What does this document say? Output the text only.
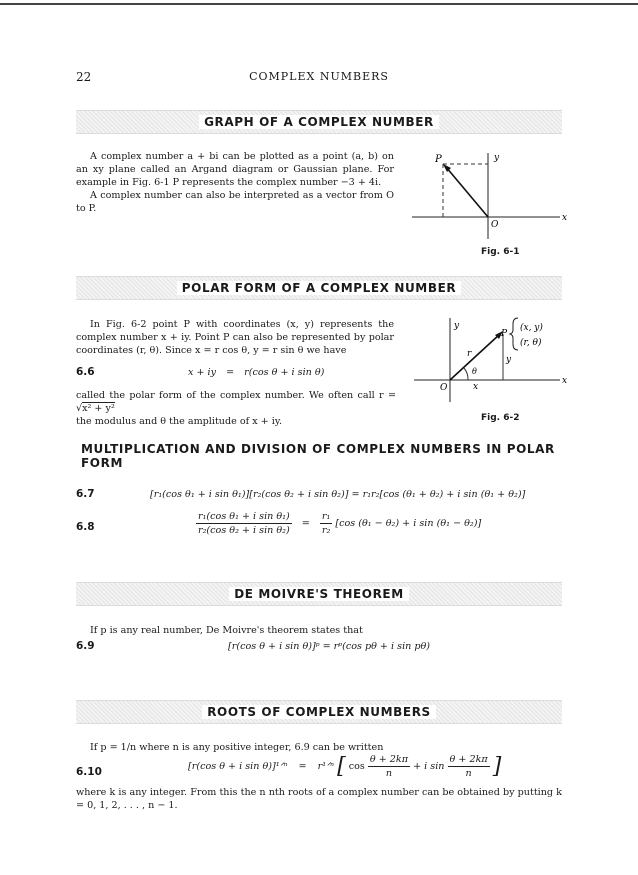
22	COMPLEX NUMBERS
GRAPH OF A COMPLEX NUMBER

A complex number a + bi can be plotted as a point (a, b) on an xy plane called an Argand diagram or Gaussian plane. For example in Fig. 6-1 P represents the complex number −3 + 4i.

A complex number can also be interpreted as a vector from O to P.

P	y
O
x
Fig. 6-1
POLAR FORM OF A COMPLEX NUMBER

In Fig. 6-2 point P with coordinates (x, y) represents the complex number x + iy. Point P can also be represented by polar coordinates (r, θ). Since x = r cos θ, y = r sin θ we have

6.6	x + iy = r(cos θ + i sin θ)

called the polar form of the complex number. We often call r = √x² + y²

the modulus and θ the amplitude of x + iy.

y
P
(x, y)
(r, θ)
r
y
θ
O	x
x
Fig. 6-2
MULTIPLICATION AND DIVISION OF COMPLEX NUMBERS IN POLAR FORM
6.7	[r₁(cos θ₁ + i sin θ₁)][r₂(cos θ₂ + i sin θ₂)] = r₁r₂[cos (θ₁ + θ₂) + i sin (θ₁ + θ₂)]
6.8	$\frac{\text{r₁(cos θ₁ + i sin θ₁)}}{\text{r₂(cos θ₂ + i sin θ₂)}} = \frac{\text{r₁}}{\text{r₂}} [\cos$ (θ₁ − θ₂) + i sin (θ₁ − θ₂)]
DE MOIVRE'S THEOREM

If p is any real number, De Moivre's theorem states that

6.9	[r(cos θ + i sin θ)]ᵖ = rᵖ(cos pθ + i sin pθ)
ROOTS OF COMPLEX NUMBERS

If p = 1/n where n is any positive integer, 6.9 can be written

6.10	[r(cos θ + i sin θ)]¹ᐟⁿ = r¹ᐟⁿ [ $\cos \frac{\theta + 2k\pi}{n} + i$ $\sin \frac{\theta + 2k\pi}{n}$ ]

where k is any integer. From this the n nth roots of a complex number can be obtained by putting k = 0, 1, 2, . . . , n − 1.
